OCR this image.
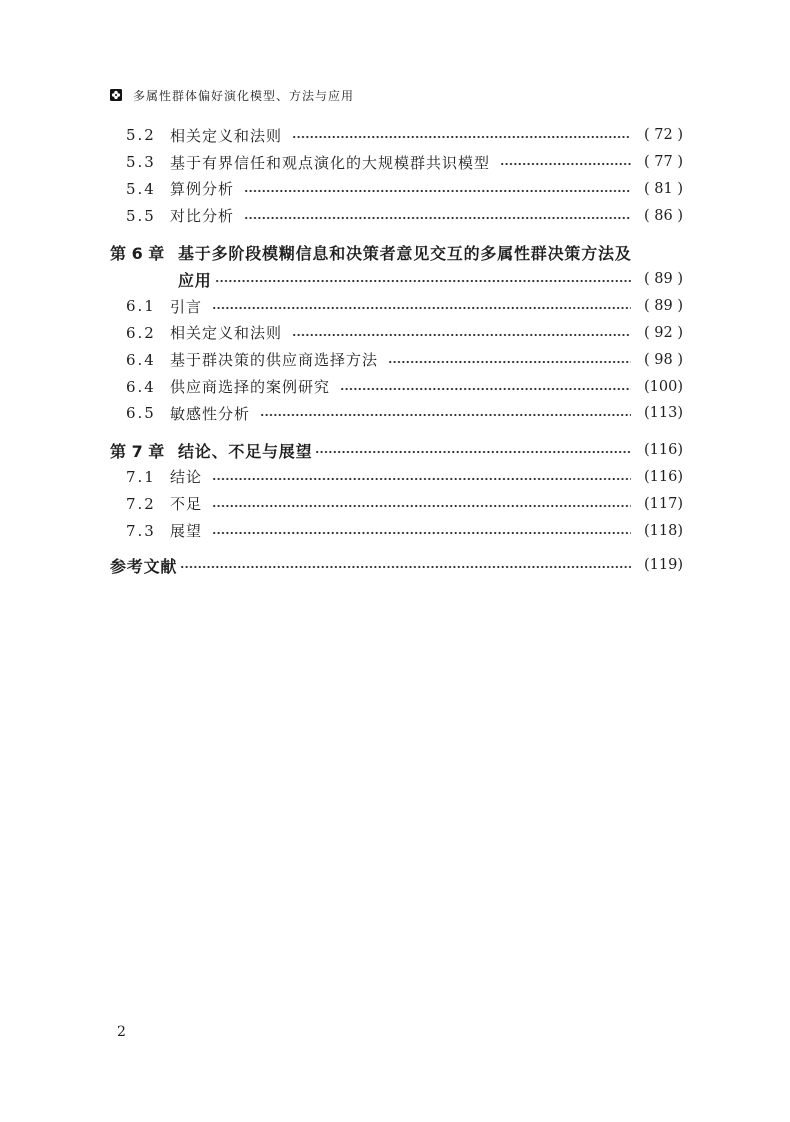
多属性群体偏好演化模型、方法与应用
5.2 相关定义和法则	( 72 )
5.3 基于有界信任和观点演化的大规模群共识模型	( 77 )
5.4 算例分析	( 81 )
5.5 对比分析	( 86 )
第 6 章 基于多阶段模糊信息和决策者意见交互的多属性群决策方法及
应用	( 89 )
6.1 引言	( 89 )
6.2 相关定义和法则	( 92 )
6.4 基于群决策的供应商选择方法	( 98 )
6.4 供应商选择的案例研究	(100)
6.5 敏感性分析	(113)
第 7 章 结论、不足与展望	(116)
7.1 结论	(116)
7.2 不足	(117)
7.3 展望	(118)
参考文献	(119)
2
